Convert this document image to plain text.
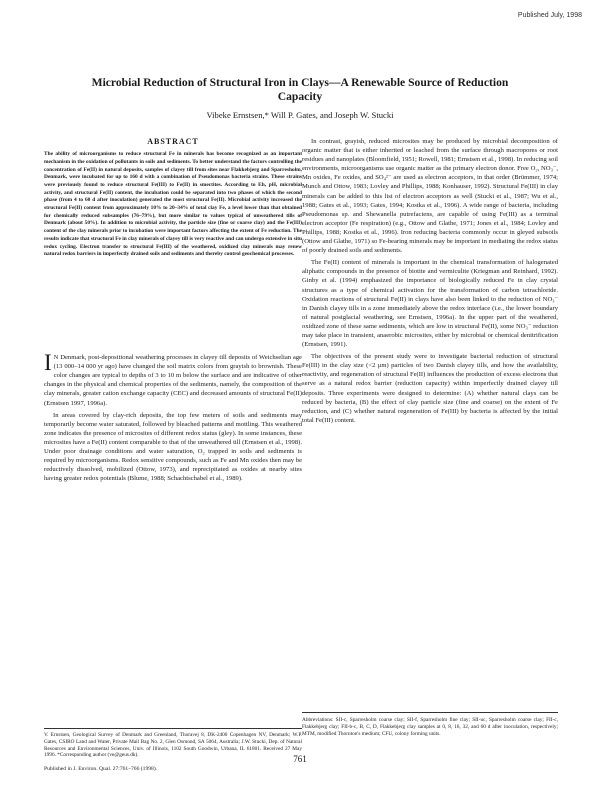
Published July, 1998
Microbial Reduction of Structural Iron in Clays—A Renewable Source of Reduction Capacity
Vibeke Ernstsen,* Will P. Gates, and Joseph W. Stucki
ABSTRACT
The ability of microorganisms to reduce structural Fe in minerals has become recognized as an important mechanism in the oxidation of pollutants in soils and sediments. To better understand the factors controlling the concentration of Fe(II) in natural deposits, samples of clayey till from sites near Flakkebjerg and Sparresholm, Denmark, were incubated for up to 160 d with a combination of Pseudomonas bacteria strains. These strains were previously found to reduce structural Fe(III) to Fe(II) in smectites. According to Eh, pH, microbial activity, and structural Fe(II) content, the incubation could be separated into two phases of which the second phase (from 4 to 60 d after inoculation) generated the most structural Fe(II). Microbial activity increased the structural Fe(II) content from approximately 10% to 20–34% of total clay Fe, a level lower than that obtained for chemically reduced subsamples (76–79%), but more similar to values typical of unweathered tills of Denmark (about 50%). In addition to microbial activity, the particle size (fine or coarse clay) and the Fe(III) content of the clay minerals prior to incubation were important factors affecting the extent of Fe reduction. The results indicate that structural Fe in clay minerals of clayey till is very reactive and can undergo extensive in situ redox cycling. Electron transfer to structural Fe(III) of the weathered, oxidized clay minerals may renew natural redox barriers in imperfectly drained soils and sediments and thereby control geochemical processes.

I N Denmark, post-depositional weathering processes in clayey till deposits of Weichselian age (13 000–14 000 yr ago) have changed the soil matrix colors from grayish to brownish. These color changes are typical to depths of 3 to 10 m below the surface and are indicative of other changes in the physical and chemical properties of the sediments, namely, the composition of the clay minerals, greater cation exchange capacity (CEC) and decreased amounts of structural Fe(II) (Ernstsen 1997, 1996a).

In areas covered by clay-rich deposits, the top few meters of soils and sediments may temporarily become water saturated, followed by bleached patterns and mottling. This weathered zone indicates the presence of microsites of different redox status (gley). In some instances, these microsites have a Fe(II) content comparable to that of the unweathered till (Ernstsen et al., 1998). Under poor drainage conditions and water saturation, O₂ trapped in soils and sediments is required by microorganisms. Redox sensitive compounds, such as Fe and Mn oxides then may be reductively dissolved, mobilized (Ottow, 1973), and reprecipitated as oxides at nearby sites having greater redox potentials (Blume, 1988; Schachtschabel et al., 1989).

V. Ernstsen, Geological Survey of Denmark and Greenland, Thoravej 8, DK-2400 Copenhagen NV, Denmark; W.P. Gates, CSIRO Land and Water, Private Mail Bag No. 2, Glen Osmond, SA 5064, Australia; J.W. Stucki, Dep. of Natural Resources and Environmental Sciences, Univ. of Illinois, 1102 South Goodwin, Urbana, IL 61801. Received 27 May 1996. *Corresponding author (ve@geus.dk).
Published in J. Environ. Qual. 27:761–766 (1998).

In contrast, grayish, reduced microsites may be produced by microbial decomposition of organic matter that is either inherited or leached from the surface through macropores or root residues and nanoplates (Bloomfield, 1951; Rowell, 1981; Ernstsen et al., 1998). In reducing soil environments, microorganisms use organic matter as the primary electron donor. Free O₂, NO₃⁻, Mn oxides, Fe oxides, and SO₄²⁻ are used as electron acceptors, in that order (Brümmer, 1974; Munch and Ottow, 1983; Lovley and Phillips, 1988; Konhauser, 1992). Structural Fe(III) in clay minerals can be added to this list of electron acceptors as well (Stucki et al., 1987; Wu et al., 1988; Gates et al., 1993; Gates, 1994; Kostka et al., 1996). A wide range of bacteria, including Pseudomonas sp. and Shewanella putrefaciens, are capable of using Fe(III) as a terminal electron acceptor (Fe respiration) (e.g., Ottow and Glathe, 1971; Jones et al., 1984; Lovley and Phillips, 1988; Kostka et al., 1996). Iron reducing bacteria commonly occur in gleyed subsoils (Ottow and Glathe, 1971) so Fe-bearing minerals may be important in mediating the redox status of poorly drained soils and sediments.

The Fe(II) content of minerals is important in the chemical transformation of halogenated aliphatic compounds in the presence of biotite and vermiculite (Kriegman and Reinhard, 1992). Ginby et al. (1994) emphasized the importance of biologically reduced Fe in clay crystal structures as a type of chemical activation for the transformation of carbon tetrachloride. Oxidation reactions of structural Fe(II) in clays have also been linked to the reduction of NO₃⁻ in Danish clayey tills in a zone immediately above the redox interface (i.e., the lower boundary of natural postglacial weathering, see Ernstsen, 1996a). In the upper part of the weathered, oxidized zone of these same sediments, which are low in structural Fe(II), some NO₃⁻ reduction may take place in transient, anaerobic microsites, either by microbial or chemical denitrification (Ernstsen, 1991).

The objectives of the present study were to investigate bacterial reduction of structural Fe(III) in the clay size (<2 μm) particles of two Danish clayey tills, and how the availability, reactivity, and regeneration of structural Fe(II) influences the production of excess electrons that serve as a natural redox barrier (reduction capacity) within imperfectly drained clayey till deposits. Three experiments were designed to determine: (A) whether natural clays can be reduced by bacteria, (B) the effect of clay particle size (fine and coarse) on the extent of Fe reduction, and (C) whether natural regeneration of Fe(III) by bacteria is affected by the initial total Fe(III) content.

Abbreviations: SII-c, Sparresholm coarse clay; SII-f, Sparresholm fine clay; SII-uc, Sparresholm coarse clay; FII-c, Flakkebjerg clay; FII-b-c, B, C, D, Flakkebjerg clay samples at 0, 8, 16, 32, and 60 d after inoculation, respectively; MTM, modified Thornton's medium; CFU, colony forming units.
761
